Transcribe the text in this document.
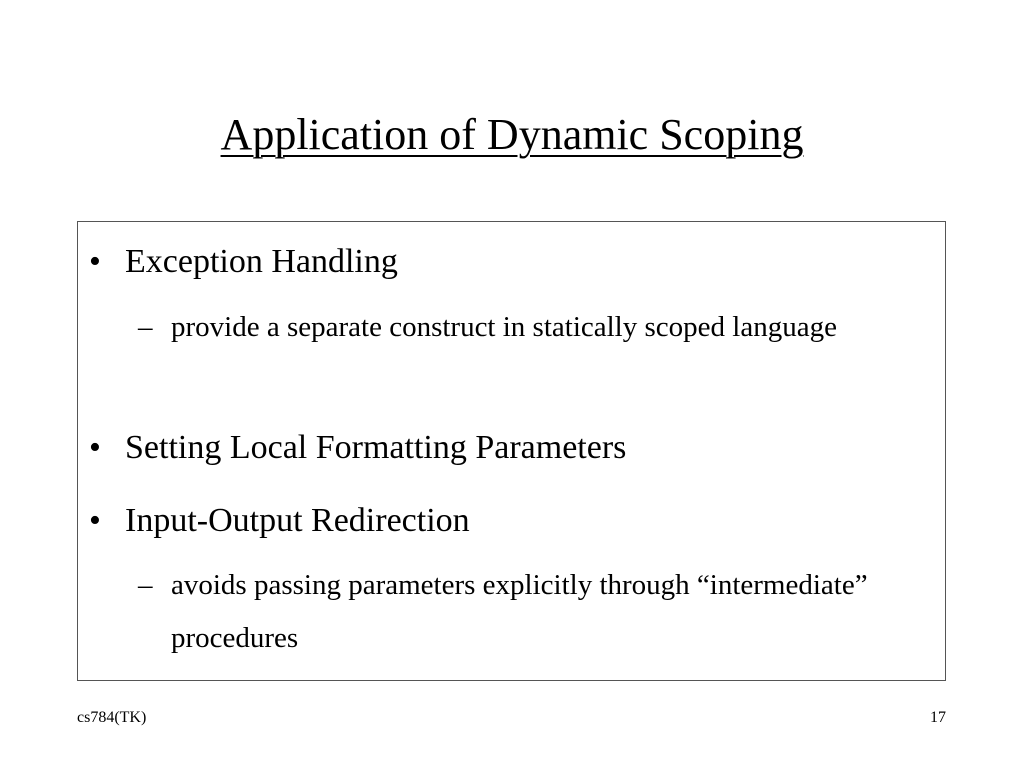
Application of Dynamic Scoping
• Exception Handling
– provide a separate construct in statically scoped language
• Setting Local Formatting Parameters
• Input-Output Redirection
– avoids passing parameters explicitly through “intermediate” procedures
cs784(TK)	17
